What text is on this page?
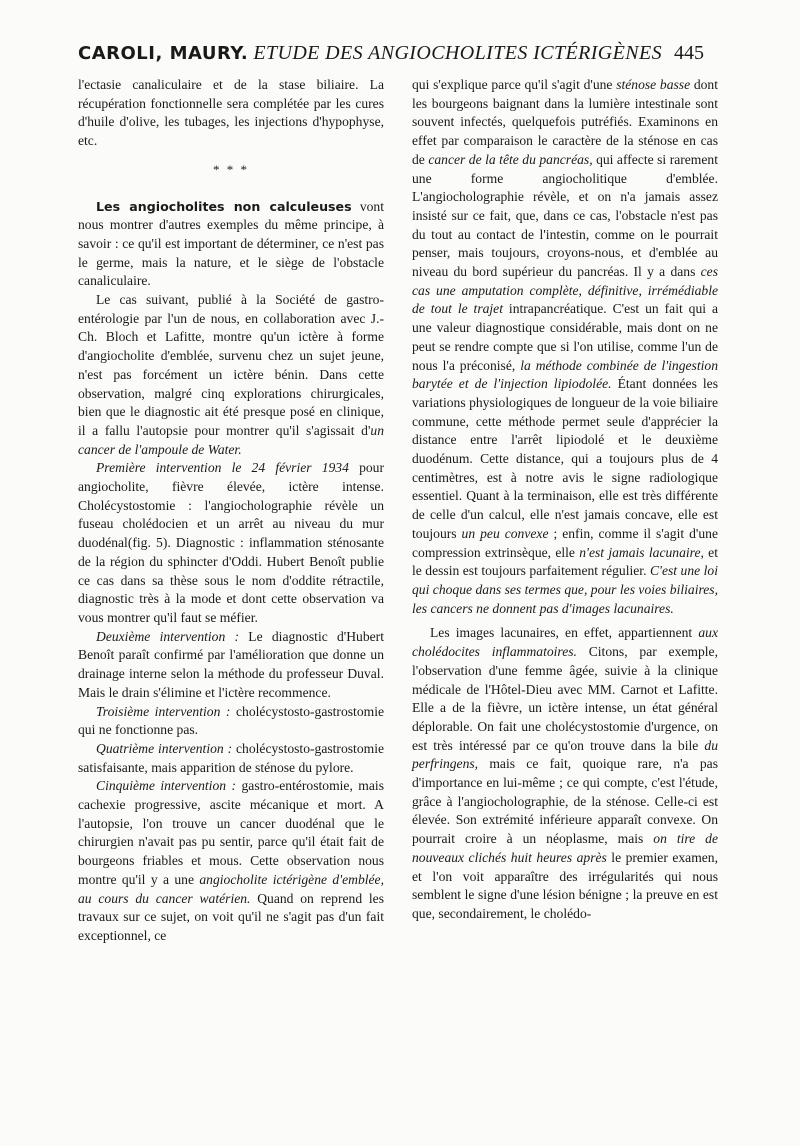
CAROLI, MAURY. ETUDE DES ANGIOCHOLITES ICTÉRIGÈNES 445

l'ectasie canaliculaire et de la stase biliaire. La récupération fonctionnelle sera complétée par les cures d'huile d'olive, les tubages, les injections d'hypophyse, etc.

* * *

Les angiocholites non calculeuses vont nous montrer d'autres exemples du même principe, à savoir : ce qu'il est important de déterminer, ce n'est pas le germe, mais la nature, et le siège de l'obstacle canaliculaire.

Le cas suivant, publié à la Société de gastro-entérologie par l'un de nous, en collaboration avec J.-Ch. Bloch et Lafitte, montre qu'un ictère à forme d'angiocholite d'emblée, survenu chez un sujet jeune, n'est pas forcément un ictère bénin. Dans cette observation, malgré cinq explorations chirurgicales, bien que le diagnostic ait été presque posé en clinique, il a fallu l'autopsie pour montrer qu'il s'agissait d'un cancer de l'ampoule de Water.

Première intervention le 24 février 1934 pour angiocholite, fièvre élevée, ictère intense. Cholécystostomie : l'angiocholographie révèle un fuseau cholédocien et un arrêt au niveau du mur duodénal(fig. 5). Diagnostic : inflammation sténosante de la région du sphincter d'Oddi. Hubert Benoît publie ce cas dans sa thèse sous le nom d'oddite rétractile, diagnostic très à la mode et dont cette observation va vous montrer qu'il faut se méfier.

Deuxième intervention : Le diagnostic d'Hubert Benoît paraît confirmé par l'amélioration que donne un drainage interne selon la méthode du professeur Duval. Mais le drain s'élimine et l'ictère recommence.

Troisième intervention : cholécystosto-gastrostomie qui ne fonctionne pas.

Quatrième intervention : cholécystosto-gastrostomie satisfaisante, mais apparition de sténose du pylore.

Cinquième intervention : gastro-entérostomie, mais cachexie progressive, ascite mécanique et mort. A l'autopsie, l'on trouve un cancer duodénal que le chirurgien n'avait pas pu sentir, parce qu'il était fait de bourgeons friables et mous. Cette observation nous montre qu'il y a une angiocholite ictérigène d'emblée, au cours du cancer watérien. Quand on reprend les travaux sur ce sujet, on voit qu'il ne s'agit pas d'un fait exceptionnel, ce

qui s'explique parce qu'il s'agit d'une sténose basse dont les bourgeons baignant dans la lumière intestinale sont souvent infectés, quelquefois putréfiés. Examinons en effet par comparaison le caractère de la sténose en cas de cancer de la tête du pancréas, qui affecte si rarement une forme angiocholitique d'emblée. L'angiocholographie révèle, et on n'a jamais assez insisté sur ce fait, que, dans ce cas, l'obstacle n'est pas du tout au contact de l'intestin, comme on le pourrait penser, mais toujours, croyons-nous, et d'emblée au niveau du bord supérieur du pancréas. Il y a dans ces cas une amputation complète, définitive, irrémédiable de tout le trajet intrapancréatique. C'est un fait qui a une valeur diagnostique considérable, mais dont on ne peut se rendre compte que si l'on utilise, comme l'un de nous l'a préconisé, la méthode combinée de l'ingestion barytée et de l'injection lipiodolée. Étant données les variations physiologiques de longueur de la voie biliaire commune, cette méthode permet seule d'apprécier la distance entre l'arrêt lipiodolé et le deuxième duodénum. Cette distance, qui a toujours plus de 4 centimètres, est à notre avis le signe radiologique essentiel. Quant à la terminaison, elle est très différente de celle d'un calcul, elle n'est jamais concave, elle est toujours un peu convexe ; enfin, comme il s'agit d'une compression extrinsèque, elle n'est jamais lacunaire, et le dessin est toujours parfaitement régulier. C'est une loi qui choque dans ses termes que, pour les voies biliaires, les cancers ne donnent pas d'images lacunaires.

Les images lacunaires, en effet, appartiennent aux cholédocites inflammatoires. Citons, par exemple, l'observation d'une femme âgée, suivie à la clinique médicale de l'Hôtel-Dieu avec MM. Carnot et Lafitte. Elle a de la fièvre, un ictère intense, un état général déplorable. On fait une cholécystostomie d'urgence, on est très intéressé par ce qu'on trouve dans la bile du perfringens, mais ce fait, quoique rare, n'a pas d'importance en lui-même ; ce qui compte, c'est l'étude, grâce à l'angiocholographie, de la sténose. Celle-ci est élevée. Son extrémité inférieure apparaît convexe. On pourrait croire à un néoplasme, mais on tire de nouveaux clichés huit heures après le premier examen, et l'on voit apparaître des irrégularités qui nous semblent le signe d'une lésion bénigne ; la preuve en est que, secondairement, le cholédo-
